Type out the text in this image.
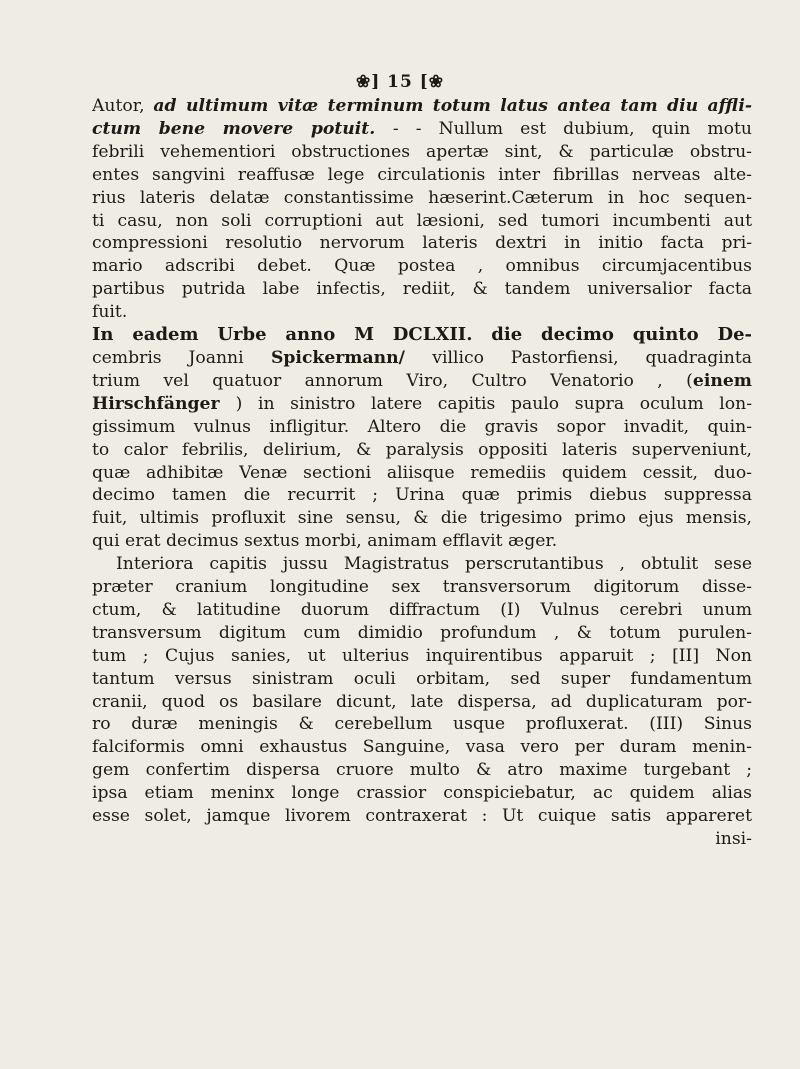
❀] 15 [❀
Autor, ad ultimum vitæ terminum totum latus antea tam diu affli-
ctum bene movere potuit. - - Nullum est dubium, quin motu
febrili vehementiori obstructiones apertæ sint, & particulæ obstru-
entes sangvini reaffusæ lege circulationis inter fibrillas nerveas alte-
rius lateris delatæ constantissime hæserint.Cæterum in hoc sequen-
ti casu, non soli corruptioni aut læsioni, sed tumori incumbenti aut
compressioni resolutio nervorum lateris dextri in initio facta pri-
mario adscribi debet. Quæ postea , omnibus circumjacentibus
partibus putrida labe infectis, rediit, & tandem universalior facta
fuit.
In eadem Urbe anno M DCLXII. die decimo quinto De-
cembris Joanni Spickermann/ villico Pastorfiensi, quadraginta
trium vel quatuor annorum Viro, Cultro Venatorio , (einem
Hirschfänger ) in sinistro latere capitis paulo supra oculum lon-
gissimum vulnus infligitur. Altero die gravis sopor invadit, quin-
to calor febrilis, delirium, & paralysis oppositi lateris superveniunt,
quæ adhibitæ Venæ sectioni aliisque remediis quidem cessit, duo-
decimo tamen die recurrit ; Urina quæ primis diebus suppressa
fuit, ultimis profluxit sine sensu, & die trigesimo primo ejus mensis,
qui erat decimus sextus morbi, animam efflavit æger.
Interiora capitis jussu Magistratus perscrutantibus , obtulit sese
præter cranium longitudine sex transversorum digitorum disse-
ctum, & latitudine duorum diffractum (I) Vulnus cerebri unum
transversum digitum cum dimidio profundum , & totum purulen-
tum ; Cujus sanies, ut ulterius inquirentibus apparuit ; [II] Non
tantum versus sinistram oculi orbitam, sed super fundamentum
cranii, quod os basilare dicunt, late dispersa, ad duplicaturam por-
ro duræ meningis & cerebellum usque profluxerat. (III) Sinus
falciformis omni exhaustus Sanguine, vasa vero per duram menin-
gem confertim dispersa cruore multo & atro maxime turgebant ;
ipsa etiam meninx longe crassior conspiciebatur, ac quidem alias
esse solet, jamque livorem contraxerat : Ut cuique satis appareret
insi-
